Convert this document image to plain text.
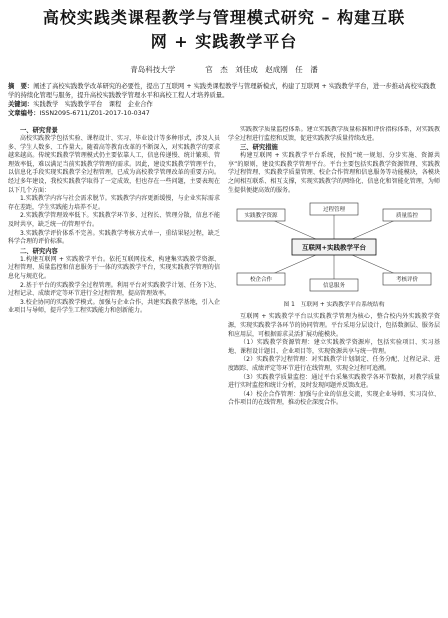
高校实践类课程教学与管理模式研究 – 构建互联
网 + 实践教学平台
青岛科技大学　　　　官　杰　刘佳成　赵成刚　任　潘
摘　要：阐述了高校实践教学改革研究的必要性，提出了互联网 + 实践类课程教学与管理新模式，构建了互联网 + 实践教学平台，进一步推动高校实践教学的持续化管理与服务，提升高校实践教学管理水平和高校工程人才培养质量。
关键词：实践教学　实践教学平台　课程　企业合作
文章编号：ISSN2095-6711/Z01-2017-10-0347
一、研究背景

高校实践教学包括实验、课程设计、实习、毕业设计等多种形式，涉及人员多、学生人数多、工作量大。随着高等教育改革的不断深入，对实践教学的要求越来越高。传统实践教学管理模式仍主要依靠人工，信息传递慢、统计繁琐、管理效率低，难以满足当前实践教学管理的需求。因此，建设实践教学管理平台，以信息化手段实现实践教学全过程管理，已成为高校教学管理改革的重要方向。经过多年建设，我校实践教学取得了一定成效，但也存在一些问题，主要表现在以下几个方面：

1.实践教学内容与社会需求脱节。实践教学内容更新缓慢，与企业实际需求存在差距，学生实践能力培养不足。

2.实践教学管理效率低下。实践教学环节多、过程长、管理分散，信息不能及时共享，缺乏统一的管理平台。

3.实践教学评价体系不完善。实践教学考核方式单一，重结果轻过程，缺乏科学合理的评价标准。

二、研究内容

1.构建互联网 + 实践教学平台。依托互联网技术，构建集实践教学资源、过程管理、质量监控和信息服务于一体的实践教学平台，实现实践教学管理的信息化与规范化。

2.基于平台的实践教学全过程管理。利用平台对实践教学计划、任务下达、过程记录、成绩评定等环节进行全过程管理，提高管理效率。

3.校企协同的实践教学模式。加强与企业合作，共建实践教学基地，引入企业项目与导师，提升学生工程实践能力和创新能力。

实践教学质量监控体系。建立实践教学质量标准和评价指标体系，对实践教学全过程进行监控和反馈，促进实践教学质量持续改进。

三、研究措施

构建互联网 + 实践教学平台系统，按照“统一规划、分步实施、资源共享”的原则，建设实践教学管理平台。平台主要包括实践教学资源管理、实践教学过程管理、实践教学质量管理、校企合作管理和信息服务等功能模块，各模块之间相互联系、相互支撑，实现实践教学的网络化、信息化和智能化管理，为师生提供便捷高效的服务。

实践教学资源
过程管理
质量监控
校企合作
信息服务
考核评价
互联网+实践教学平台
图 1　互联网 + 实践教学平台系统结构

互联网 + 实践教学平台以实践教学管理为核心，整合校内外实践教学资源，实现实践教学各环节的协同管理。平台采用分层设计，包括数据层、服务层和应用层，可根据需求灵活扩展功能模块。

（1）实践教学资源管理：建立实践教学资源库，包括实验项目、实习基地、课程设计题目、企业项目等，实现资源共享与统一管理。

（2）实践教学过程管理：对实践教学计划制定、任务分配、过程记录、进度跟踪、成绩评定等环节进行在线管理，实现全过程可追溯。

（3）实践教学质量监控：通过平台采集实践教学各环节数据，对教学质量进行实时监控和统计分析，及时发现问题并反馈改进。

（4）校企合作管理：加强与企业的信息交流，实现企业导师、实习岗位、合作项目的在线管理，推动校企深度合作。
